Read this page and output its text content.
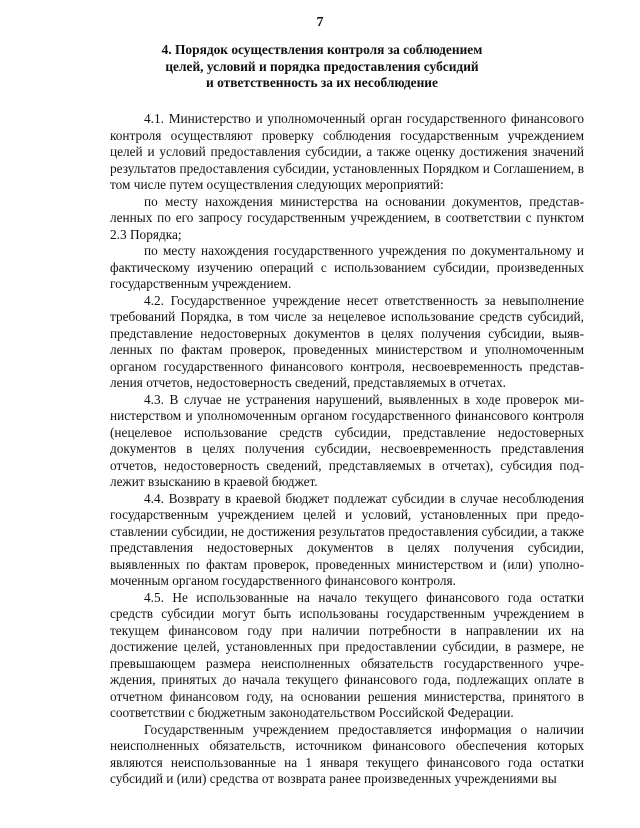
7
4. Порядок осуществления контроля за соблюдением
целей, условий и порядка предоставления субсидий
и ответственность за их несоблюдение

4.1. Министерство и уполномоченный орган государственного финансового контроля осуществляют проверку соблюдения государственным учреждением целей и условий предоставления субсидии, а также оценку достижения значений результатов предоставления субсидии, установленных Порядком и Соглашением, в том числе путем осуществления следующих мероприятий:

по месту нахождения министерства на основании документов, представленных по его запросу государственным учреждением, в соответствии с пунктом 2.3 Порядка;

по месту нахождения государственного учреждения по документальному и фактическому изучению операций с использованием субсидии, произведенных государственным учреждением.

4.2. Государственное учреждение несет ответственность за невыполнение требований Порядка, в том числе за нецелевое использование средств субсидий, представление недостоверных документов в целях получения субсидии, выявленных по фактам проверок, проведенных министерством и уполномоченным органом государственного финансового контроля, несвоевременность представления отчетов, недостоверность сведений, представляемых в отчетах.

4.3. В случае не устранения нарушений, выявленных в ходе проверок министерством и уполномоченным органом государственного финансового контроля (нецелевое использование средств субсидии, представление недостоверных документов в целях получения субсидии, несвоевременность представления отчетов, недостоверность сведений, представляемых в отчетах), субсидия подлежит взысканию в краевой бюджет.

4.4. Возврату в краевой бюджет подлежат субсидии в случае несоблюдения государственным учреждением целей и условий, установленных при предоставлении субсидии, не достижения результатов предоставления субсидии, а также представления недостоверных документов в целях получения субсидии, выявленных по фактам проверок, проведенных министерством и (или) уполномоченным органом государственного финансового контроля.

4.5. Не использованные на начало текущего финансового года остатки средств субсидии могут быть использованы государственным учреждением в текущем финансовом году при наличии потребности в направлении их на достижение целей, установленных при предоставлении субсидии, в размере, не превышающем размера неисполненных обязательств государственного учреждения, принятых до начала текущего финансового года, подлежащих оплате в отчетном финансовом году, на основании решения министерства, принятого в соответствии с бюджетным законодательством Российской Федерации.

Государственным учреждением предоставляется информация о наличии неисполненных обязательств, источником финансового обеспечения которых являются неиспользованные на 1 января текущего финансового года остатки субсидий и (или) средства от возврата ранее произведенных учреждениями вы
